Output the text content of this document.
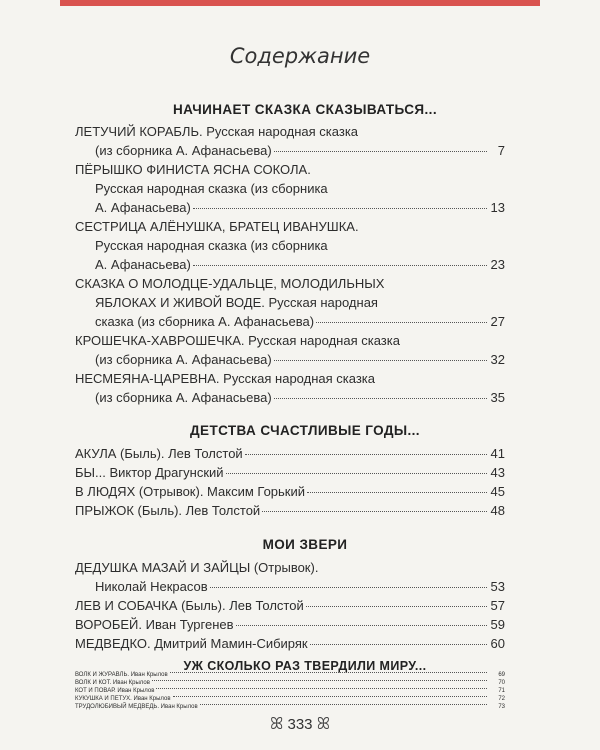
Содержание
НАЧИНАЕТ СКАЗКА СКАЗЫВАТЬСЯ...
ЛЕТУЧИЙ КОРАБЛЬ. Русская народная сказка
(из сборника А. Афанасьева)	7
ПЁРЫШКО ФИНИСТА ЯСНА СОКОЛА.
Русская народная сказка (из сборника
А. Афанасьева)	13
СЕСТРИЦА АЛЁНУШКА, БРАТЕЦ ИВАНУШКА.
Русская народная сказка (из сборника
А. Афанасьева)	23
СКАЗКА О МОЛОДЦЕ-УДАЛЬЦЕ, МОЛОДИЛЬНЫХ
ЯБЛОКАХ И ЖИВОЙ ВОДЕ. Русская народная
сказка (из сборника А. Афанасьева)	27
КРОШЕЧКА-ХАВРОШЕЧКА. Русская народная сказка
(из сборника А. Афанасьева)	32
НЕСМЕЯНА-ЦАРЕВНА. Русская народная сказка
(из сборника А. Афанасьева)	35
ДЕТСТВА СЧАСТЛИВЫЕ ГОДЫ...
АКУЛА (Быль). Лев Толстой	41
БЫ... Виктор Драгунский	43
В ЛЮДЯХ (Отрывок). Максим Горький	45
ПРЫЖОК (Быль). Лев Толстой	48
МОИ ЗВЕРИ
ДЕДУШКА МАЗАЙ И ЗАЙЦЫ (Отрывок).
Николай Некрасов	53
ЛЕВ И СОБАЧКА (Быль). Лев Толстой	57
ВОРОБЕЙ. Иван Тургенев	59
МЕДВЕДКО. Дмитрий Мамин-Сибиряк	60
УЖ СКОЛЬКО РАЗ ТВЕРДИЛИ МИРУ...
ВОЛК И ЖУРАВЛЬ. Иван Крылов	69
ВОЛК И КОТ. Иван Крылов	70
КОТ И ПОВАР. Иван Крылов	71
КУКУШКА И ПЕТУХ. Иван Крылов	72
ТРУДОЛЮБИВЫЙ МЕДВЕДЬ. Иван Крылов	73
ꕤ 333 ꕤ
